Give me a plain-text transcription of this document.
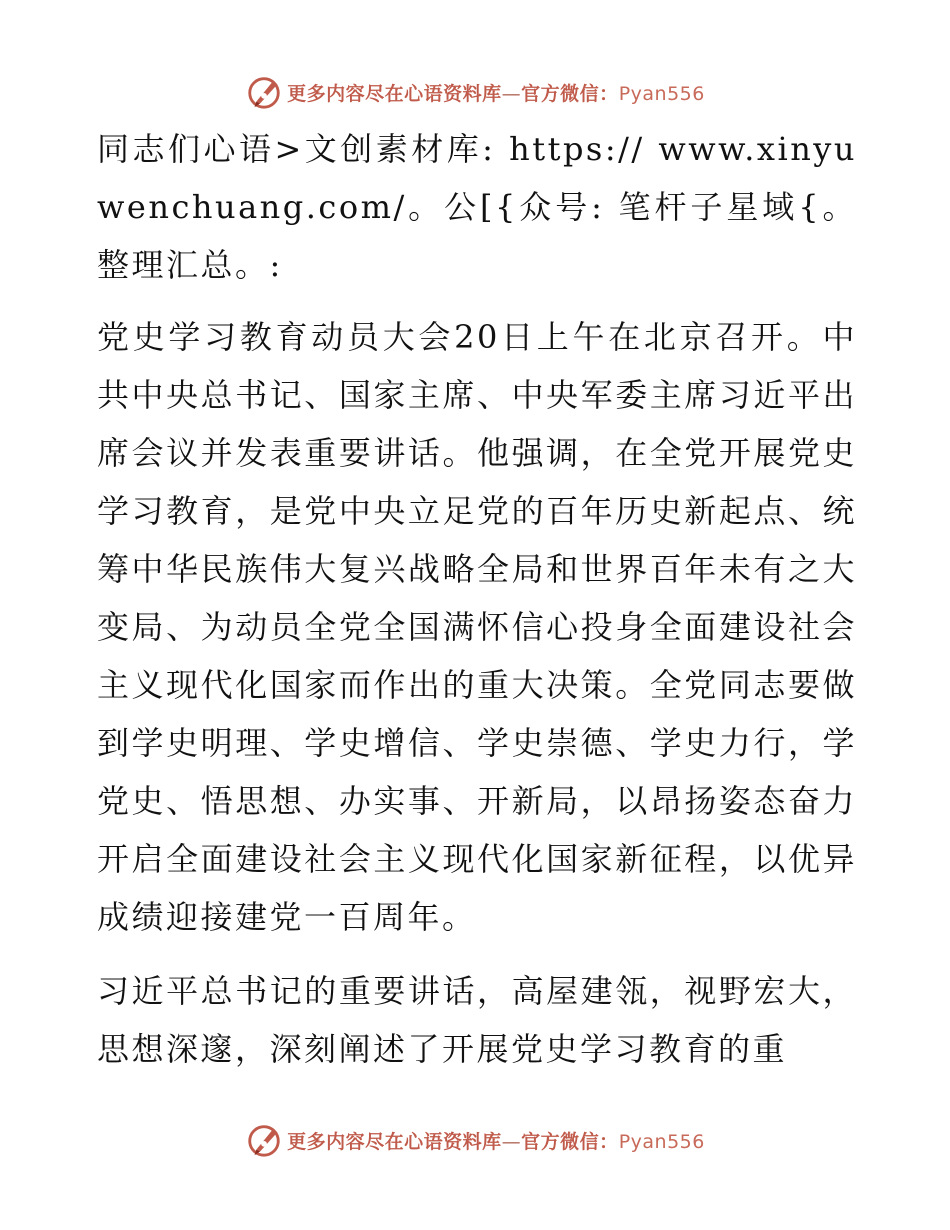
更多内容尽在心语资料库—官方微信：Pyan556

同志们心语>文创素材库: https:// www.xinyuwenchuang.com/。公[{众号: 笔杆子星域{。整理汇总。:

党史学习教育动员大会20日上午在北京召开。中共中央总书记、国家主席、中央军委主席习近平出席会议并发表重要讲话。他强调，在全党开展党史学习教育，是党中央立足党的百年历史新起点、统筹中华民族伟大复兴战略全局和世界百年未有之大变局、为动员全党全国满怀信心投身全面建设社会主义现代化国家而作出的重大决策。全党同志要做到学史明理、学史增信、学史崇德、学史力行，学党史、悟思想、办实事、开新局，以昂扬姿态奋力开启全面建设社会主义现代化国家新征程，以优异成绩迎接建党一百周年。

习近平总书记的重要讲话，高屋建瓴，视野宏大，思想深邃，深刻阐述了开展党史学习教育的重

更多内容尽在心语资料库—官方微信：Pyan556
